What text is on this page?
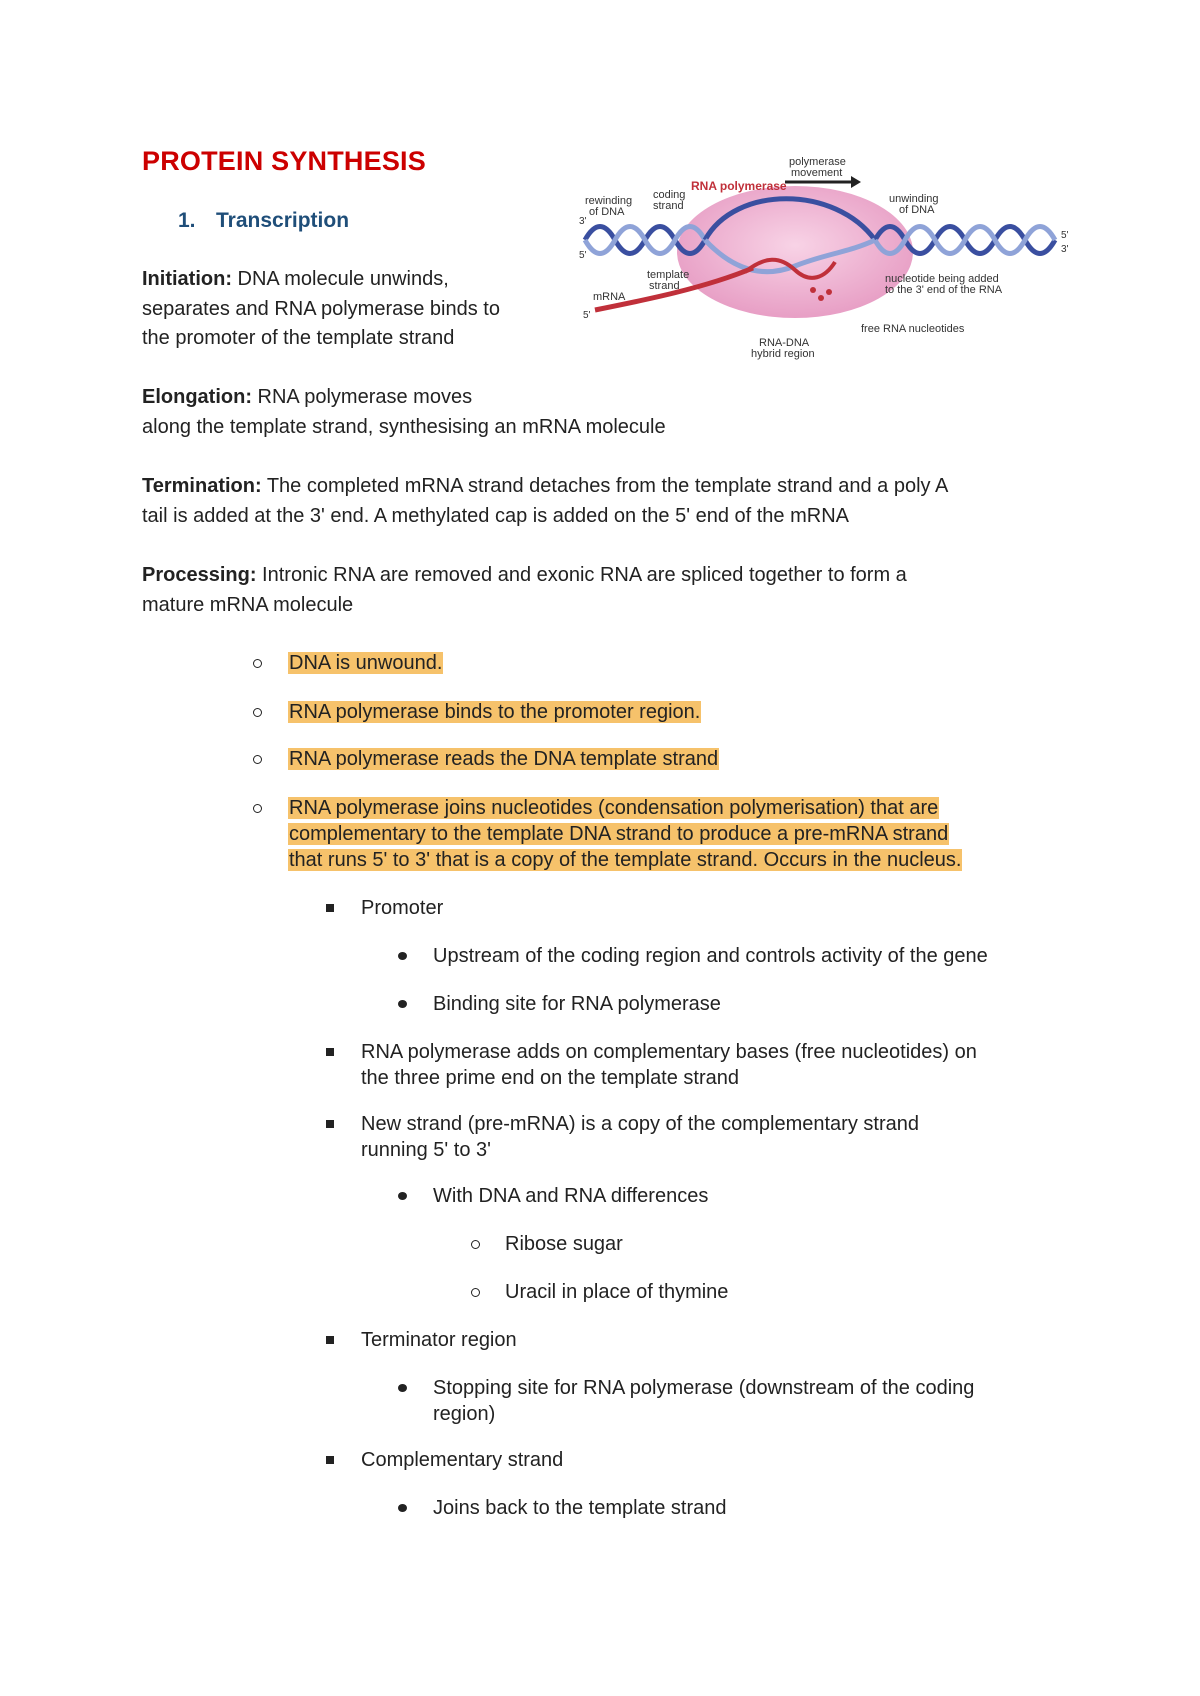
PROTEIN SYNTHESIS
1. Transcription
polymerase
movement
RNA polymerase
rewinding
of DNA
coding
strand
unwinding
of DNA
template
strand
nucleotide being added
to the 3' end of the RNA
mRNA
free RNA nucleotides
RNA-DNA
hybrid region
3'
5'
5'
3'
5'
Initiation: DNA molecule unwinds,
separates and RNA polymerase binds to
the promoter of the template strand
Elongation: RNA polymerase moves
along the template strand, synthesising an mRNA molecule
Termination: The completed mRNA strand detaches from the template strand and a poly A
tail is added at the 3' end. A methylated cap is added on the 5' end of the mRNA
Processing: Intronic RNA are removed and exonic RNA are spliced together to form a
mature mRNA molecule
DNA is unwound.
RNA polymerase binds to the promoter region.
RNA polymerase reads the DNA template strand
RNA polymerase joins nucleotides (condensation polymerisation) that are
complementary to the template DNA strand to produce a pre-mRNA strand
that runs 5' to 3' that is a copy of the template strand. Occurs in the nucleus.
Promoter
Upstream of the coding region and controls activity of the gene
Binding site for RNA polymerase
RNA polymerase adds on complementary bases (free nucleotides) on
the three prime end on the template strand
New strand (pre-mRNA) is a copy of the complementary strand
running 5' to 3'
With DNA and RNA differences
Ribose sugar
Uracil in place of thymine
Terminator region
Stopping site for RNA polymerase (downstream of the coding
region)
Complementary strand
Joins back to the template strand
